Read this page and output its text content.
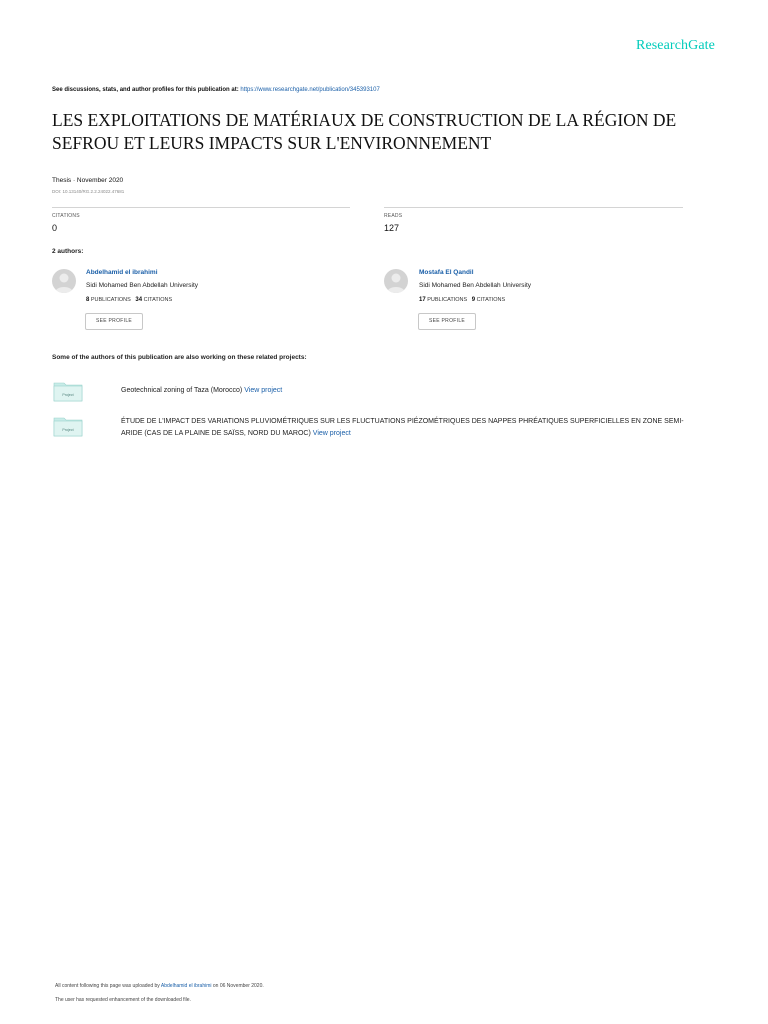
ResearchGate
See discussions, stats, and author profiles for this publication at: https://www.researchgate.net/publication/345393107
LES EXPLOITATIONS DE MATÉRIAUX DE CONSTRUCTION DE LA RÉGION DE SEFROU ET LEURS IMPACTS SUR L'ENVIRONNEMENT
Thesis · November 2020
DOI: 10.13140/RG.2.2.24022.47681
CITATIONS
0
READS
127
2 authors:
Abdelhamid el ibrahimi
Sidi Mohamed Ben Abdellah University
8 PUBLICATIONS 34 CITATIONS
SEE PROFILE
Mostafa El Qandil
Sidi Mohamed Ben Abdellah University
17 PUBLICATIONS 9 CITATIONS
SEE PROFILE
Some of the authors of this publication are also working on these related projects:
Project
Geotechnical zoning of Taza (Morocco) View project
Project
ÉTUDE DE L'IMPACT DES VARIATIONS PLUVIOMÉTRIQUES SUR LES FLUCTUATIONS PIÉZOMÉTRIQUES DES NAPPES PHRÉATIQUES SUPERFICIELLES EN ZONE SEMI-ARIDE (CAS DE LA PLAINE DE SAÏSS, NORD DU MAROC) View project
All content following this page was uploaded by Abdelhamid el ibrahimi on 06 November 2020.
The user has requested enhancement of the downloaded file.
